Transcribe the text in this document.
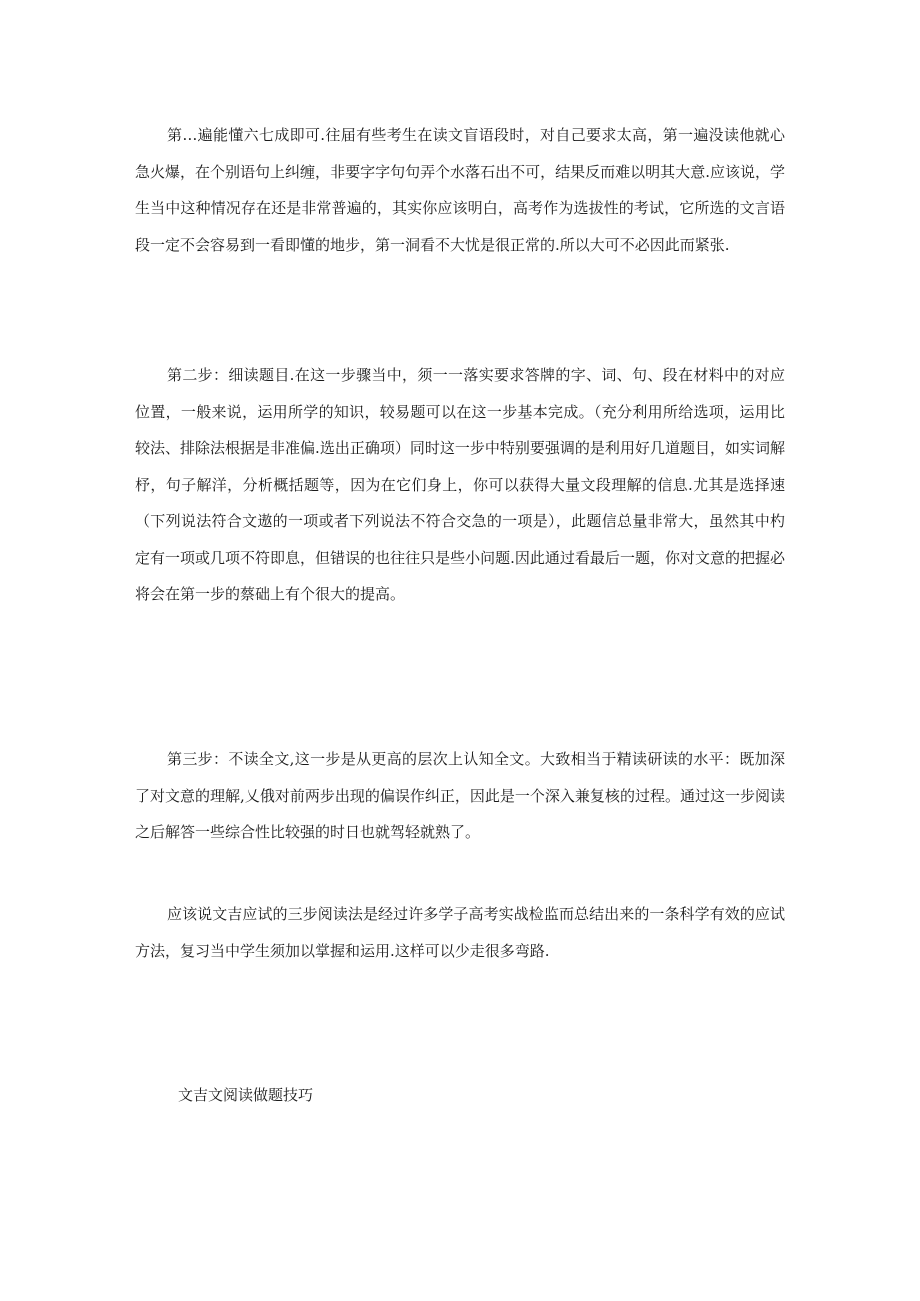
第…遍能懂六七成即可.往届有些考生在读文盲语段时，对自己要求太高，第一遍没读他就心急火爆，在个别语句上纠缠，非要字字句句弄个水落石出不可，结果反而难以明其大意.应该说，学生当中这种情况存在还是非常普遍的，其实你应该明白，高考作为选拔性的考试，它所选的文言语段一定不会容易到一看即懂的地步，第一洞看不大忧是很正常的.所以大可不必因此而紧张.

第二步：细读题目.在这一步骤当中，须一一落实要求答牌的字、词、句、段在材料中的对应位置，一般来说，运用所学的知识，较易题可以在这一步基本完成。（充分利用所给选项，运用比较法、排除法根据是非准偏.选出正确项）同时这一步中特别要强调的是利用好几道题目，如实词解杼，句子解洋，分析概括题等，因为在它们身上，你可以获得大量文段理解的信息.尤其是选择速（下列说法符合文遨的一项或者下列说法不符合交急的一项是），此题信总量非常大，虽然其中杓定有一项或几项不符即息，但错误的也往往只是些小问题.因此通过看最后一题，你对文意的把握必将会在第一步的蔡础上有个很大的提高。

第三步：不读全文,这一步是从更高的层次上认知全文。大致相当于精读研读的水平：既加深了对文意的理解,乂俄对前两步出现的偏误作纠正，因此是一个深入兼复核的过程。通过这一步阅读之后解答一些综合性比较强的时日也就驾轻就熟了。

应该说文吉应试的三步阅读法是经过许多学子高考实战检监而总结出来的一条科学有效的应试方法，复习当中学生须加以掌握和运用.这样可以少走很多弯路.

文吉文阅读做题技巧
